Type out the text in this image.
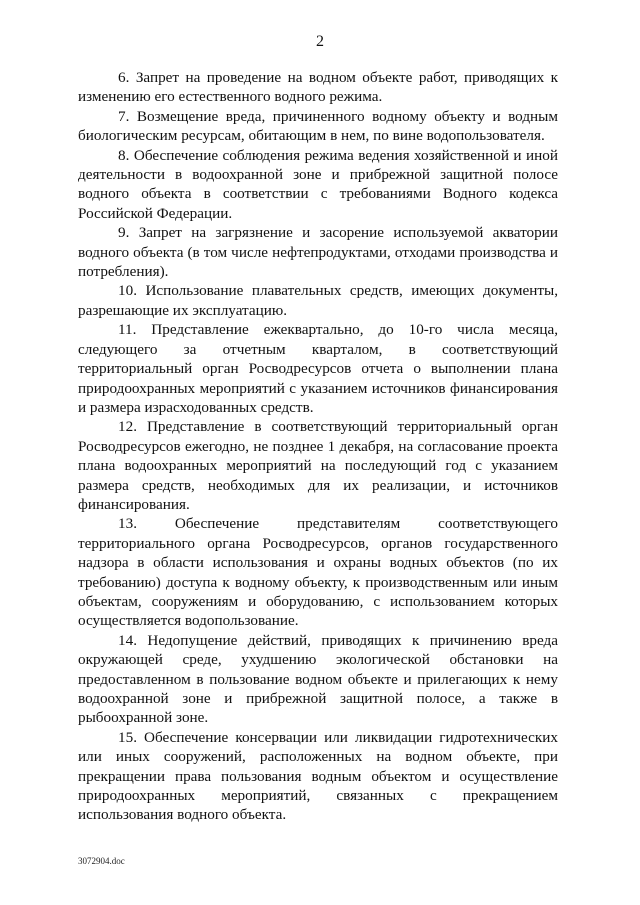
2

6. Запрет на проведение на водном объекте работ, приводящих к изменению его естественного водного режима.

7. Возмещение вреда, причиненного водному объекту и водным биологическим ресурсам, обитающим в нем, по вине водопользователя.

8. Обеспечение соблюдения режима ведения хозяйственной и иной деятельности в водоохранной зоне и прибрежной защитной полосе водного объекта в соответствии с требованиями Водного кодекса Российской Федерации.

9. Запрет на загрязнение и засорение используемой акватории водного объекта (в том числе нефтепродуктами, отходами производства и потребления).

10. Использование плавательных средств, имеющих документы, разрешающие их эксплуатацию.

11. Представление ежеквартально, до 10-го числа месяца, следующего за отчетным кварталом, в соответствующий территориальный орган Росводресурсов отчета о выполнении плана природоохранных мероприятий с указанием источников финансирования и размера израсходованных средств.

12. Представление в соответствующий территориальный орган Росводресурсов ежегодно, не позднее 1 декабря, на согласование проекта плана водоохранных мероприятий на последующий год с указанием размера средств, необходимых для их реализации, и источников финансирования.

13. Обеспечение представителям соответствующего территориального органа Росводресурсов, органов государственного надзора в области использования и охраны водных объектов (по их требованию) доступа к водному объекту, к производственным или иным объектам, сооружениям и оборудованию, с использованием которых осуществляется водопользование.

14. Недопущение действий, приводящих к причинению вреда окружающей среде, ухудшению экологической обстановки на предоставленном в пользование водном объекте и прилегающих к нему водоохранной зоне и прибрежной защитной полосе, а также в рыбоохранной зоне.

15. Обеспечение консервации или ликвидации гидротехнических или иных сооружений, расположенных на водном объекте, при прекращении права пользования водным объектом и осуществление природоохранных мероприятий, связанных с прекращением использования водного объекта.

3072904.doc
